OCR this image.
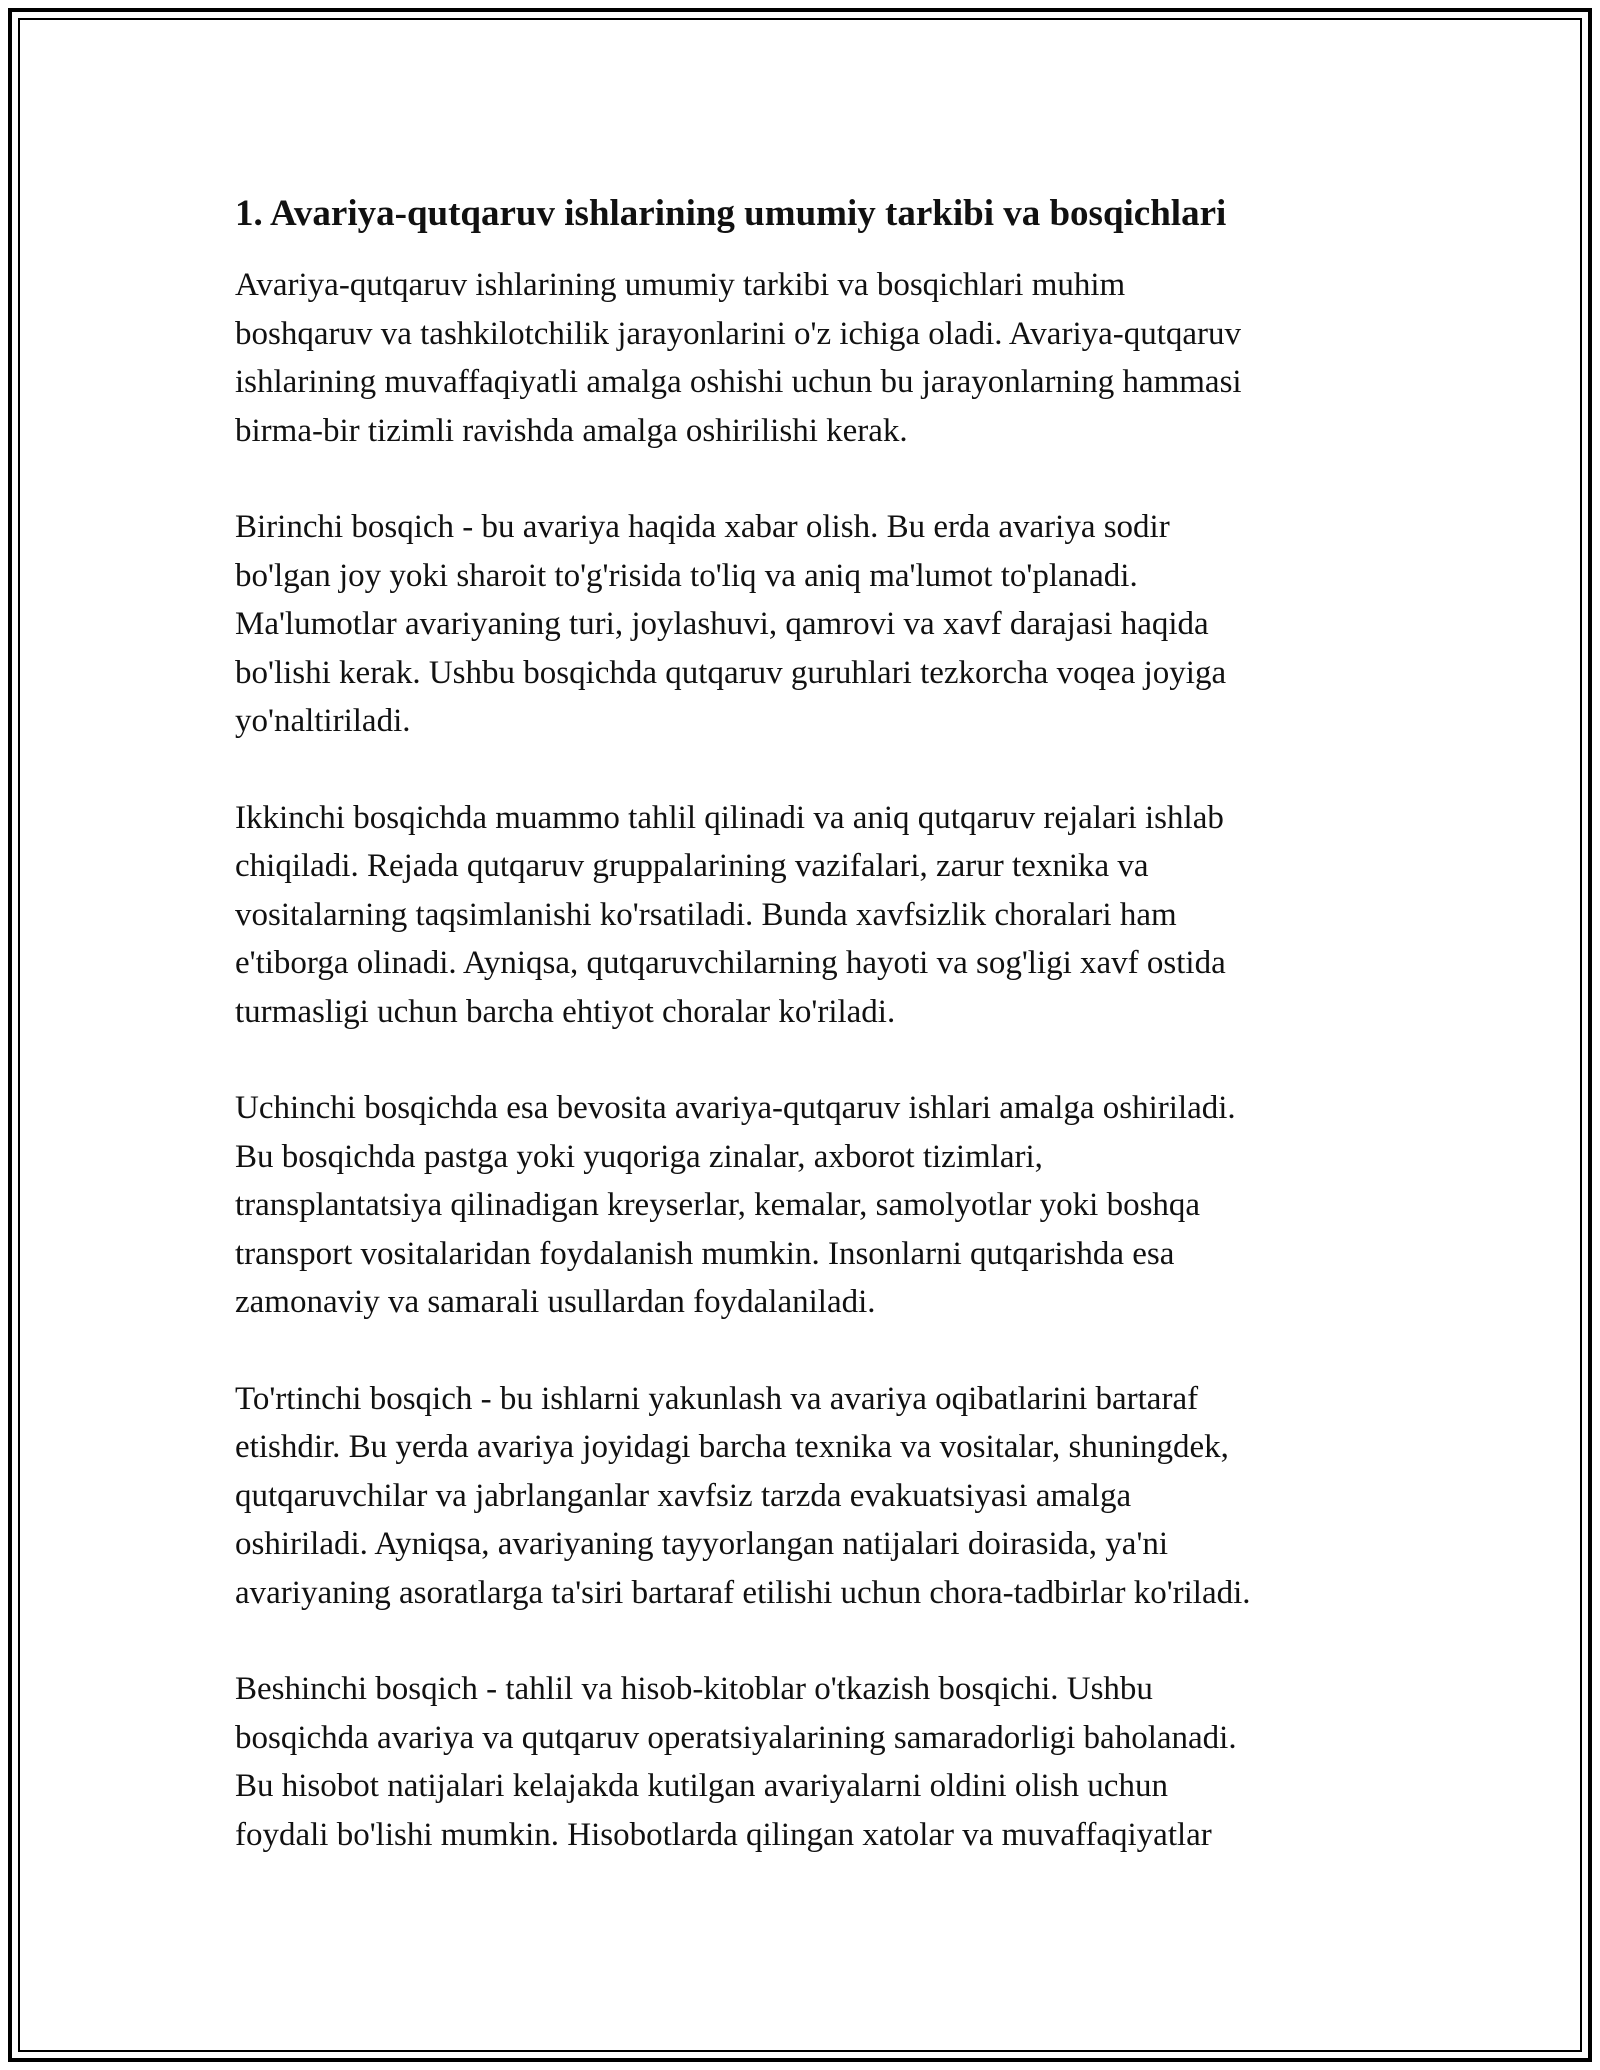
1. Avariya-qutqaruv ishlarining umumiy tarkibi va bosqichlari

Avariya-qutqaruv ishlarining umumiy tarkibi va bosqichlari muhim
boshqaruv va tashkilotchilik jarayonlarini o'z ichiga oladi. Avariya-qutqaruv
ishlarining muvaffaqiyatli amalga oshishi uchun bu jarayonlarning hammasi
birma-bir tizimli ravishda amalga oshirilishi kerak.

Birinchi bosqich - bu avariya haqida xabar olish. Bu erda avariya sodir
bo'lgan joy yoki sharoit to'g'risida to'liq va aniq ma'lumot to'planadi.
Ma'lumotlar avariyaning turi, joylashuvi, qamrovi va xavf darajasi haqida
bo'lishi kerak. Ushbu bosqichda qutqaruv guruhlari tezkorcha voqea joyiga
yo'naltiriladi.

Ikkinchi bosqichda muammo tahlil qilinadi va aniq qutqaruv rejalari ishlab
chiqiladi. Rejada qutqaruv gruppalarining vazifalari, zarur texnika va
vositalarning taqsimlanishi ko'rsatiladi. Bunda xavfsizlik choralari ham
e'tiborga olinadi. Ayniqsa, qutqaruvchilarning hayoti va sog'ligi xavf ostida
turmasligi uchun barcha ehtiyot choralar ko'riladi.

Uchinchi bosqichda esa bevosita avariya-qutqaruv ishlari amalga oshiriladi.
Bu bosqichda pastga yoki yuqoriga zinalar, axborot tizimlari,
transplantatsiya qilinadigan kreyserlar, kemalar, samolyotlar yoki boshqa
transport vositalaridan foydalanish mumkin. Insonlarni qutqarishda esa
zamonaviy va samarali usullardan foydalaniladi.

To'rtinchi bosqich - bu ishlarni yakunlash va avariya oqibatlarini bartaraf
etishdir. Bu yerda avariya joyidagi barcha texnika va vositalar, shuningdek,
qutqaruvchilar va jabrlanganlar xavfsiz tarzda evakuatsiyasi amalga
oshiriladi. Ayniqsa, avariyaning tayyorlangan natijalari doirasida, ya'ni
avariyaning asoratlarga ta'siri bartaraf etilishi uchun chora-tadbirlar ko'riladi.

Beshinchi bosqich - tahlil va hisob-kitoblar o'tkazish bosqichi. Ushbu
bosqichda avariya va qutqaruv operatsiyalarining samaradorligi baholanadi.
Bu hisobot natijalari kelajakda kutilgan avariyalarni oldini olish uchun
foydali bo'lishi mumkin. Hisobotlarda qilingan xatolar va muvaffaqiyatlar
